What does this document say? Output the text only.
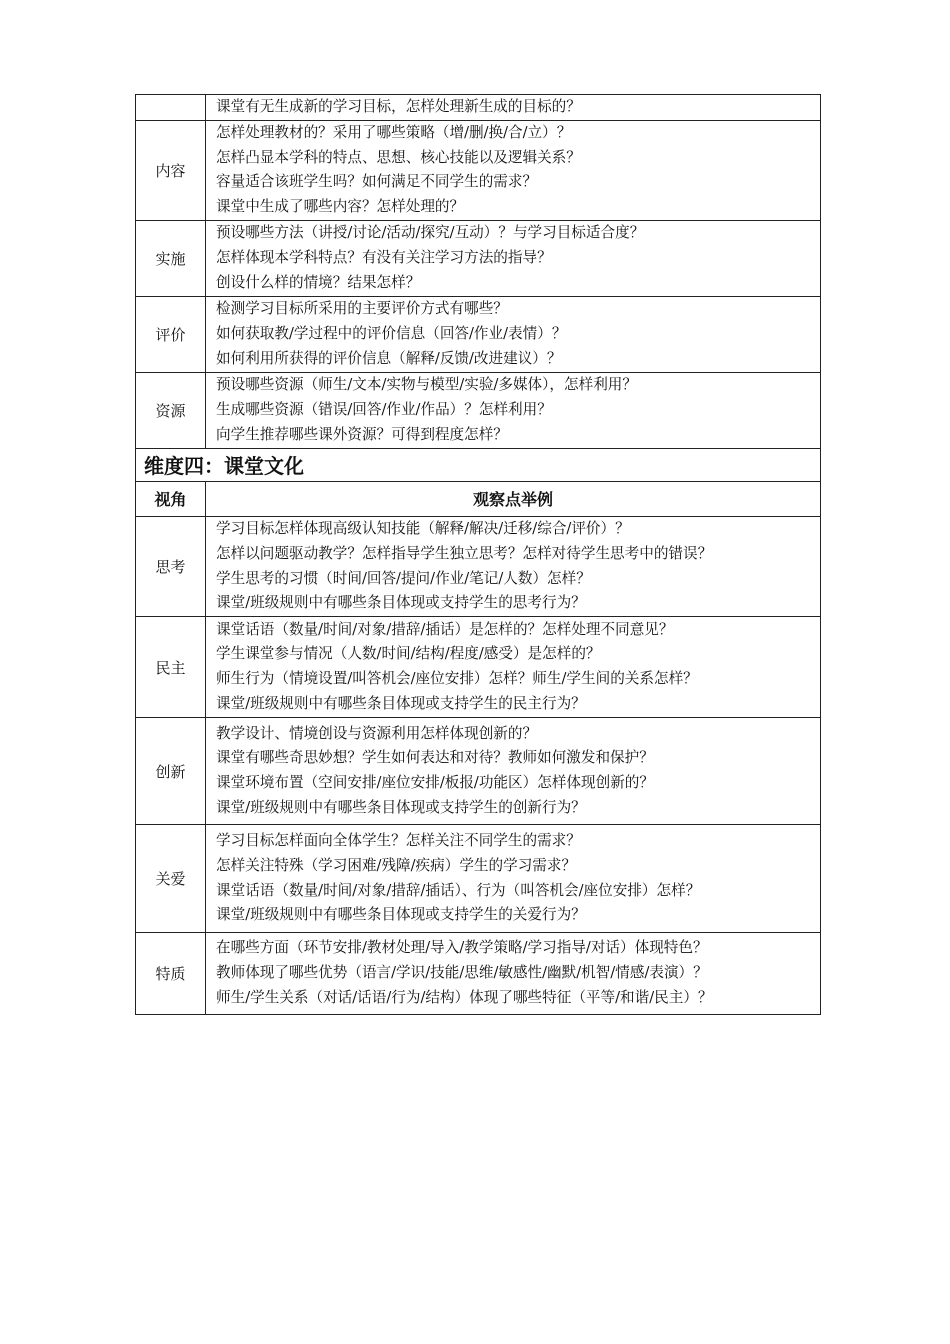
	课堂有无生成新的学习目标，怎样处理新生成的目标的？

内容	怎样处理教材的？采用了哪些策略（增/删/换/合/立）？
怎样凸显本学科的特点、思想、核心技能以及逻辑关系？
容量适合该班学生吗？如何满足不同学生的需求？
课堂中生成了哪些内容？怎样处理的？

实施	预设哪些方法（讲授/讨论/活动/探究/互动）？与学习目标适合度？
怎样体现本学科特点？有没有关注学习方法的指导？
创设什么样的情境？结果怎样？

评价	检测学习目标所采用的主要评价方式有哪些？
如何获取教/学过程中的评价信息（回答/作业/表情）？
如何利用所获得的评价信息（解释/反馈/改进建议）？

资源	预设哪些资源（师生/文本/实物与模型/实验/多媒体），怎样利用？
生成哪些资源（错误/回答/作业/作品）？怎样利用？
向学生推荐哪些课外资源？可得到程度怎样？

维度四：课堂文化	
视角	观察点举例
思考	学习目标怎样体现高级认知技能（解释/解决/迁移/综合/评价）？
怎样以问题驱动教学？怎样指导学生独立思考？怎样对待学生思考中的错误？
学生思考的习惯（时间/回答/提问/作业/笔记/人数）怎样？
课堂/班级规则中有哪些条目体现或支持学生的思考行为？

民主	课堂话语（数量/时间/对象/措辞/插话）是怎样的？怎样处理不同意见？
学生课堂参与情况（人数/时间/结构/程度/感受）是怎样的？
师生行为（情境设置/叫答机会/座位安排）怎样？师生/学生间的关系怎样？
课堂/班级规则中有哪些条目体现或支持学生的民主行为？

创新	教学设计、情境创设与资源利用怎样体现创新的？
课堂有哪些奇思妙想？学生如何表达和对待？教师如何激发和保护？
课堂环境布置（空间安排/座位安排/板报/功能区）怎样体现创新的？
课堂/班级规则中有哪些条目体现或支持学生的创新行为？

关爱	学习目标怎样面向全体学生？怎样关注不同学生的需求？
怎样关注特殊（学习困难/残障/疾病）学生的学习需求？
课堂话语（数量/时间/对象/措辞/插话）、行为（叫答机会/座位安排）怎样？
课堂/班级规则中有哪些条目体现或支持学生的关爱行为？

特质	在哪些方面（环节安排/教材处理/导入/教学策略/学习指导/对话）体现特色？
教师体现了哪些优势（语言/学识/技能/思维/敏感性/幽默/机智/情感/表演）？
师生/学生关系（对话/话语/行为/结构）体现了哪些特征（平等/和谐/民主）？
